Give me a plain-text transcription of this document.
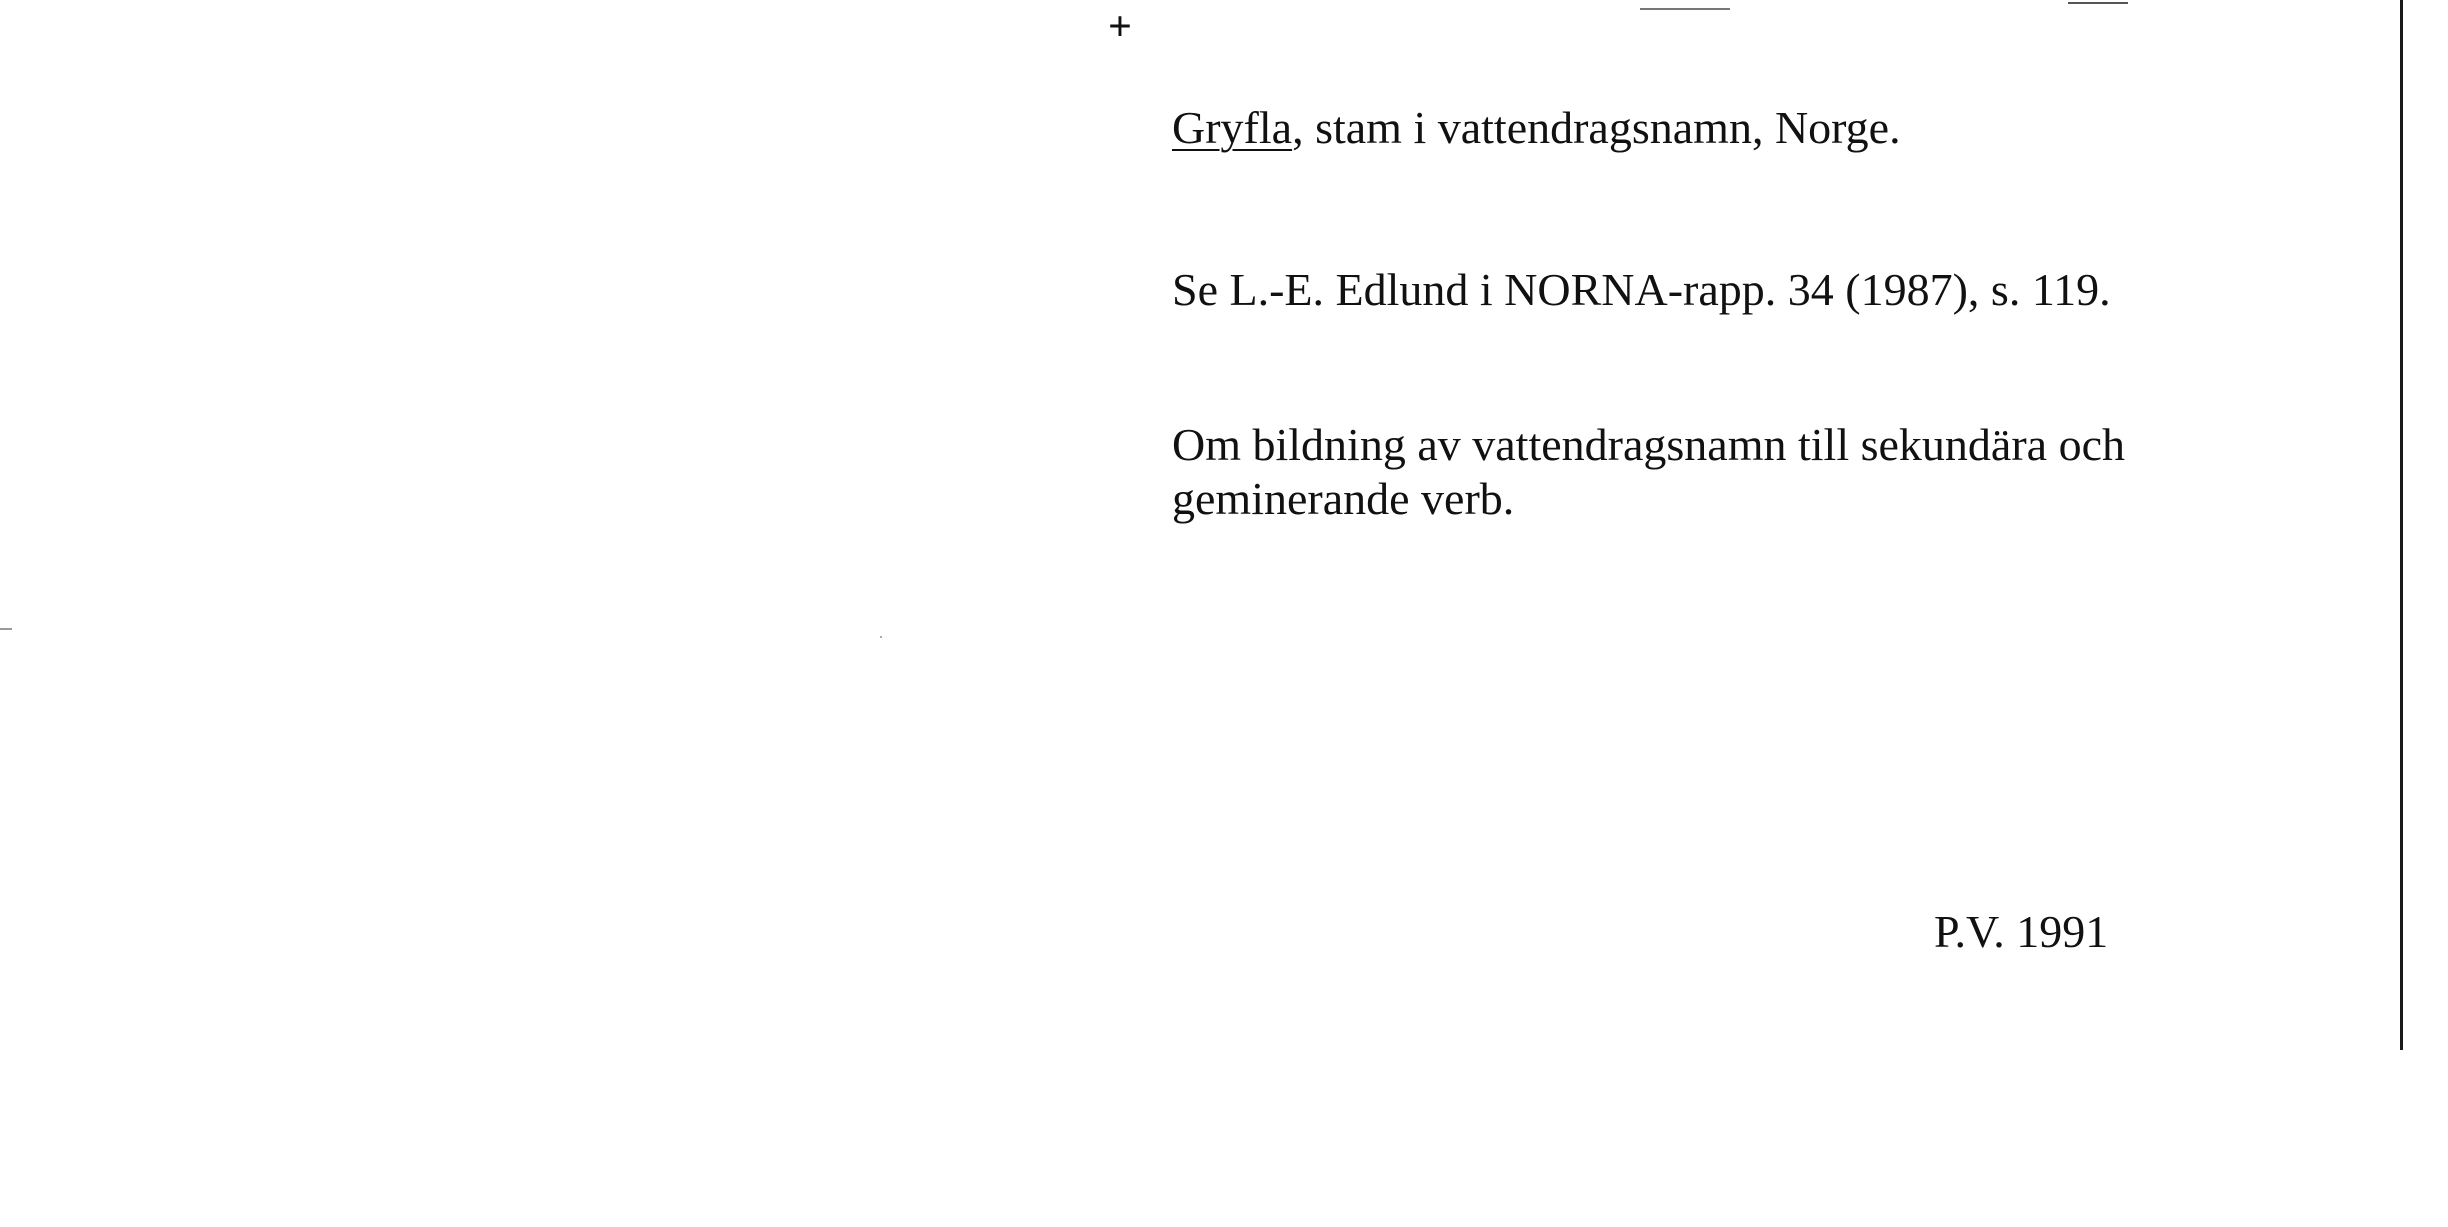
+
Gryfla, stam i vattendragsnamn, Norge.
Se L.-E. Edlund i NORNA-rapp. 34 (1987), s. 119.
Om bildning av vattendragsnamn till sekundära och geminerande verb.
P.V. 1991
